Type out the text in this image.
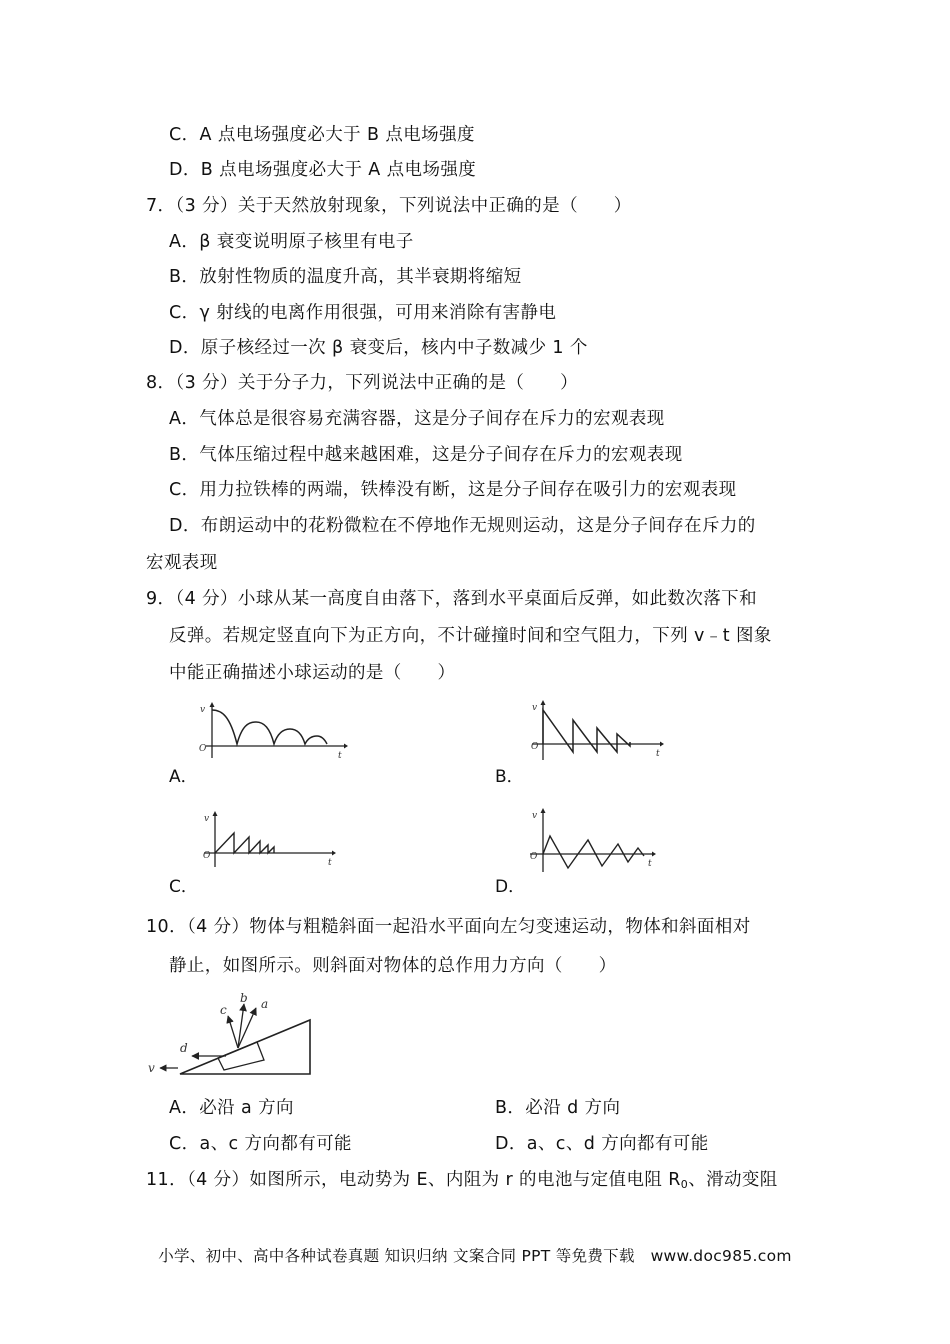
C．A 点电场强度必大于 B 点电场强度
D．B 点电场强度必大于 A 点电场强度
7．（3 分）关于天然放射现象，下列说法中正确的是（　　）
A．β 衰变说明原子核里有电子
B．放射性物质的温度升高，其半衰期将缩短
C．γ 射线的电离作用很强，可用来消除有害静电
D．原子核经过一次 β 衰变后，核内中子数减少 1 个
8．（3 分）关于分子力，下列说法中正确的是（　　）
A．气体总是很容易充满容器，这是分子间存在斥力的宏观表现
B．气体压缩过程中越来越困难，这是分子间存在斥力的宏观表现
C．用力拉铁棒的两端，铁棒没有断，这是分子间存在吸引力的宏观表现
D．布朗运动中的花粉微粒在不停地作无规则运动，这是分子间存在斥力的
宏观表现
9．（4 分）小球从某一高度自由落下，落到水平桌面后反弹，如此数次落下和
反弹。若规定竖直向下为正方向，不计碰撞时间和空气阻力，下列 v﹣t 图象
中能正确描述小球运动的是（　　）
v
O
t
A．
v
O
t
B．
v
O
t
C．
v
O
t
D．
10．（4 分）物体与粗糙斜面一起沿水平面向左匀变速运动，物体和斜面相对
静止，如图所示。则斜面对物体的总作用力方向（　　）
a
b
c
d
v
A．必沿 a 方向	B．必沿 d 方向
C．a、c 方向都有可能	D．a、c、d 方向都有可能
11．（4 分）如图所示，电动势为 E、内阻为 r 的电池与定值电阻 R0、滑动变阻
小学、初中、高中各种试卷真题 知识归纳 文案合同 PPT 等免费下载　www.doc985.com
